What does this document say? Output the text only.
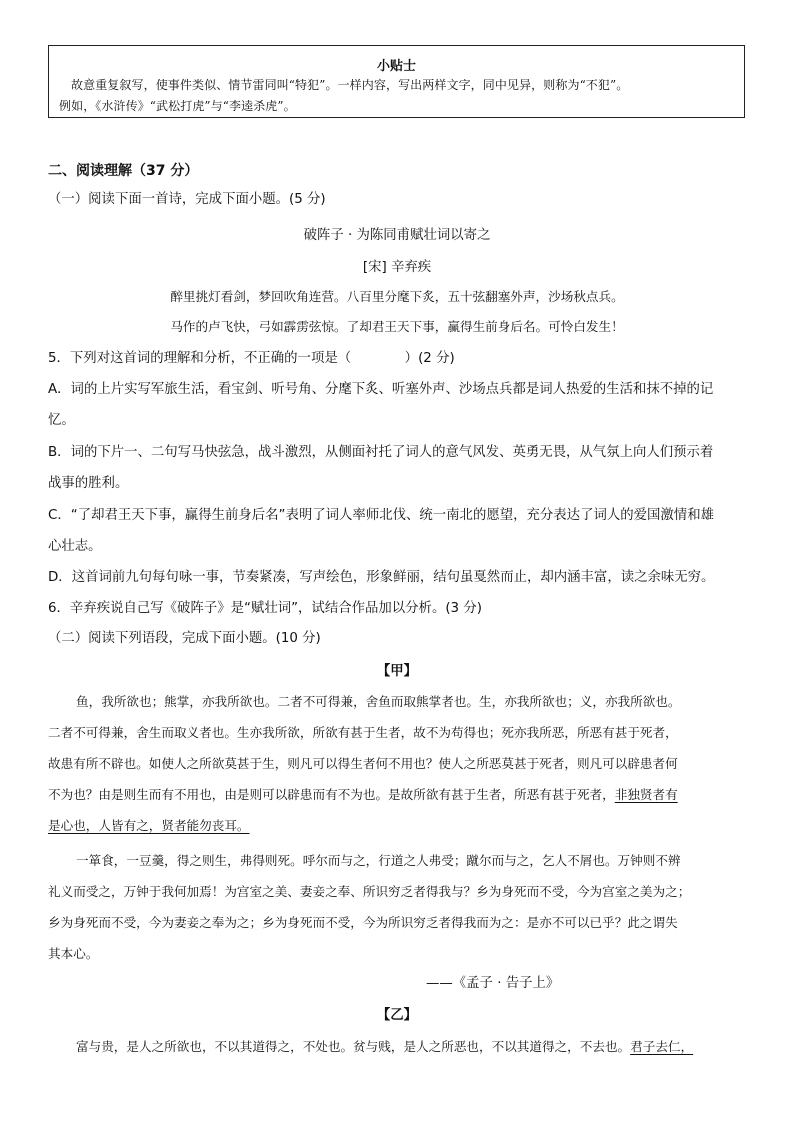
小贴士
故意重复叙写，使事件类似、情节雷同叫“特犯”。一样内容，写出两样文字，同中见异，则称为“不犯”。
例如，《水浒传》“武松打虎”与“李逵杀虎”。
二、阅读理解（37 分）
（一）阅读下面一首诗，完成下面小题。(5 分)
破阵子 · 为陈同甫赋壮词以寄之
[宋] 辛弃疾
醉里挑灯看剑，梦回吹角连营。八百里分麾下炙，五十弦翻塞外声，沙场秋点兵。
马作的卢飞快，弓如霹雳弦惊。了却君王天下事，赢得生前身后名。可怜白发生！
5．下列对这首词的理解和分析，不正确的一项是（　　　　）(2 分)
A．词的上片实写军旅生活，看宝剑、听号角、分麾下炙、听塞外声、沙场点兵都是词人热爱的生活和抹不掉的记
忆。
B．词的下片一、二句写马快弦急，战斗激烈，从侧面衬托了词人的意气风发、英勇无畏，从气氛上向人们预示着
战事的胜利。
C．“了却君王天下事，赢得生前身后名”表明了词人率师北伐、统一南北的愿望，充分表达了词人的爱国激情和雄
心壮志。
D．这首词前九句每句咏一事，节奏紧凑，写声绘色，形象鲜丽，结句虽戛然而止，却内涵丰富，读之余味无穷。
6．辛弃疾说自己写《破阵子》是“赋壮词”，试结合作品加以分析。(3 分)
（二）阅读下列语段，完成下面小题。(10 分)
【甲】
鱼，我所欲也；熊掌，亦我所欲也。二者不可得兼，舍鱼而取熊掌者也。生，亦我所欲也；义，亦我所欲也。
二者不可得兼，舍生而取义者也。生亦我所欲，所欲有甚于生者，故不为苟得也；死亦我所恶，所恶有甚于死者，
故患有所不辟也。如使人之所欲莫甚于生，则凡可以得生者何不用也？使人之所恶莫甚于死者，则凡可以辟患者何
不为也？由是则生而有不用也，由是则可以辟患而有不为也。是故所欲有甚于生者，所恶有甚于死者，非独贤者有
是心也，人皆有之，贤者能勿丧耳。
一箪食，一豆羹，得之则生，弗得则死。呼尔而与之，行道之人弗受；蹴尔而与之，乞人不屑也。万钟则不辨
礼义而受之，万钟于我何加焉！为宫室之美、妻妾之奉、所识穷乏者得我与？乡为身死而不受，今为宫室之美为之；
乡为身死而不受，今为妻妾之奉为之；乡为身死而不受，今为所识穷乏者得我而为之：是亦不可以已乎？此之谓失
其本心。
——《孟子 · 告子上》
【乙】
富与贵，是人之所欲也，不以其道得之，不处也。贫与贱，是人之所恶也，不以其道得之，不去也。君子去仁，
